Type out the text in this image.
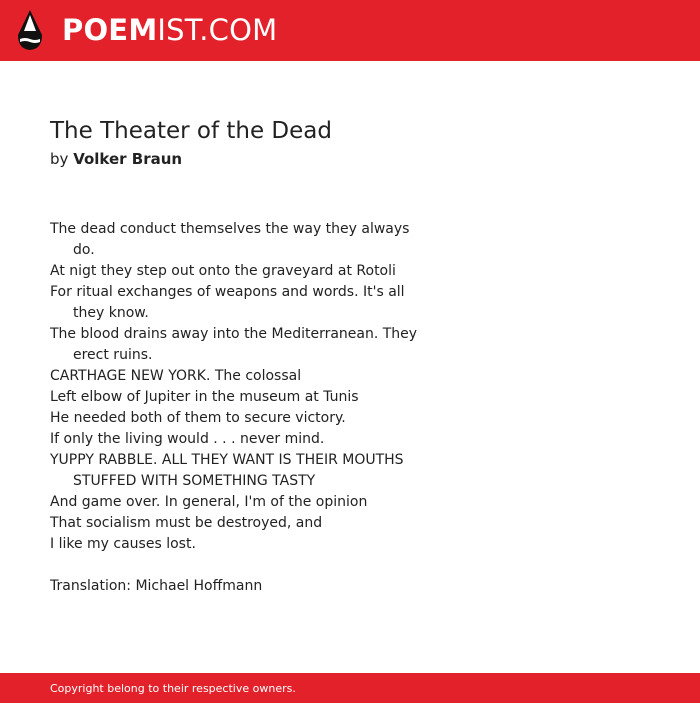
POEMIST.COM
The Theater of the Dead
by Volker Braun
The dead conduct themselves the way they always do.
At nigt they step out onto the graveyard at Rotoli
For ritual exchanges of weapons and words. It's all they know.
The blood drains away into the Mediterranean. They erect ruins.
CARTHAGE NEW YORK. The colossal
Left elbow of Jupiter in the museum at Tunis
He needed both of them to secure victory.
If only the living would . . . never mind.
YUPPY RABBLE. ALL THEY WANT IS THEIR MOUTHS STUFFED WITH SOMETHING TASTY
And game over. In general, I'm of the opinion
That socialism must be destroyed, and
I like my causes lost.
Translation: Michael Hoffmann
Copyright belong to their respective owners.
